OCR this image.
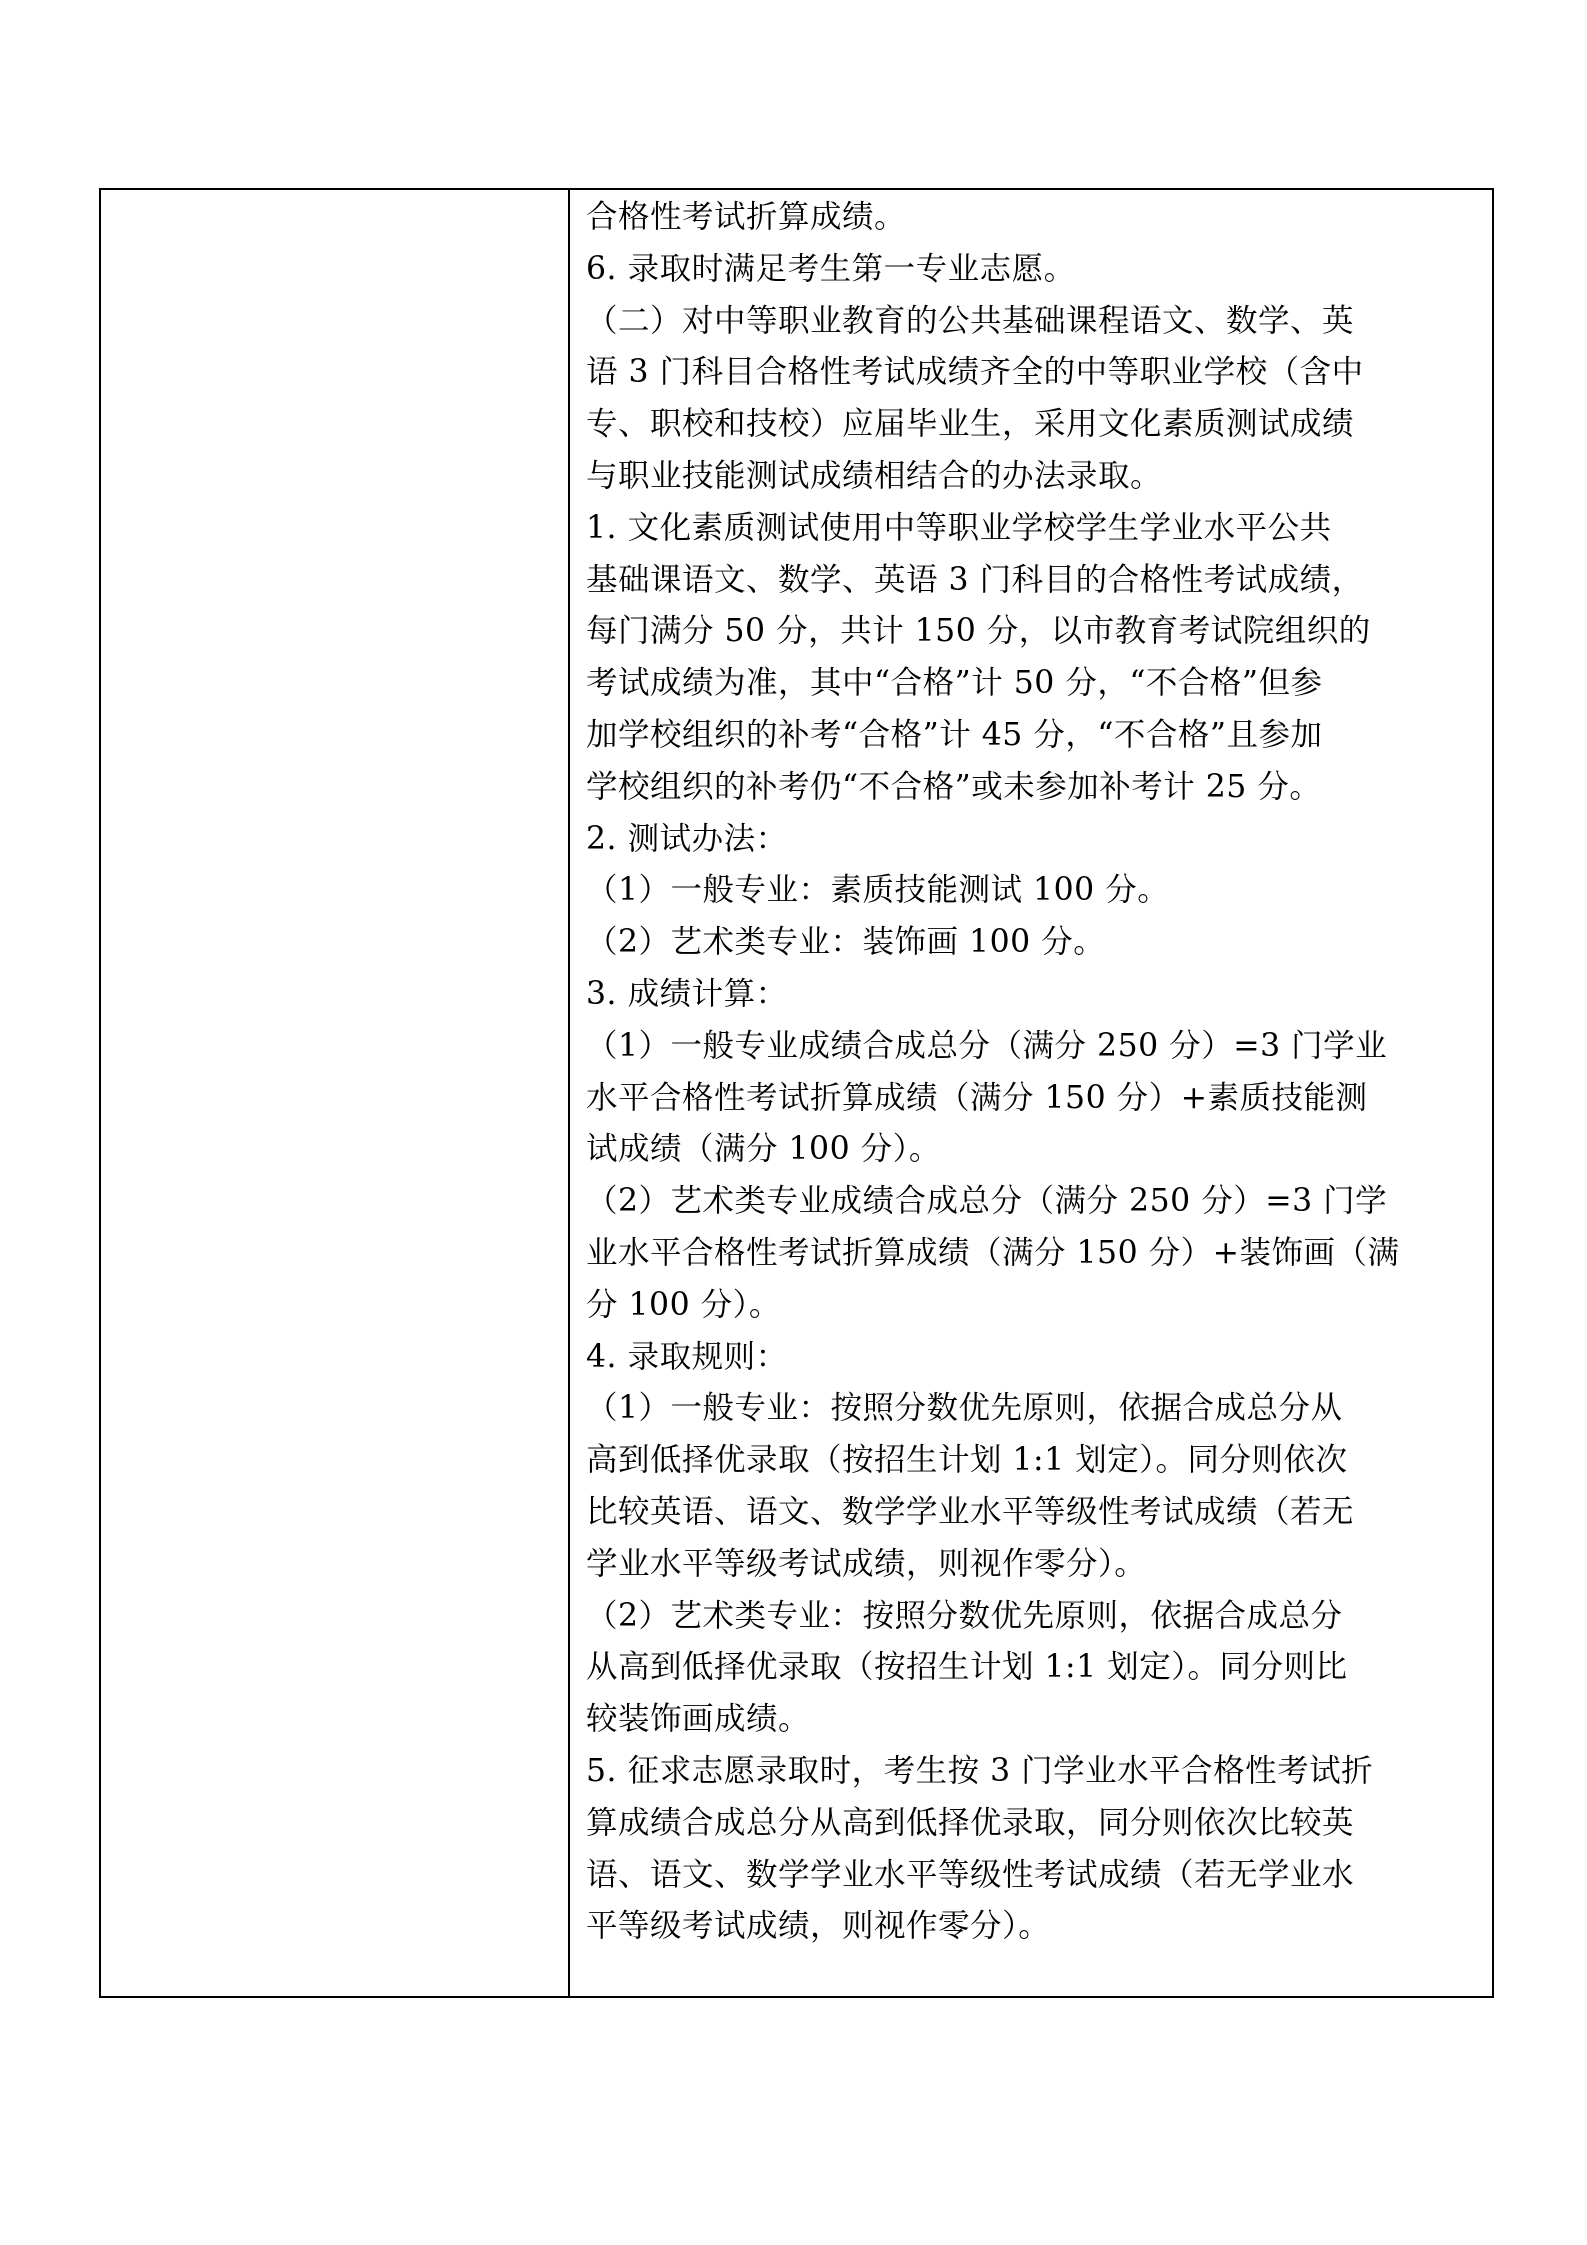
合格性考试折算成绩。

6. 录取时满足考生第一专业志愿。

（二）对中等职业教育的公共基础课程语文、数学、英

语 3 门科目合格性考试成绩齐全的中等职业学校（含中

专、职校和技校）应届毕业生，采用文化素质测试成绩

与职业技能测试成绩相结合的办法录取。

1. 文化素质测试使用中等职业学校学生学业水平公共

基础课语文、数学、英语 3 门科目的合格性考试成绩，

每门满分 50 分，共计 150 分，以市教育考试院组织的

考试成绩为准，其中“合格”计 50 分，“不合格”但参

加学校组织的补考“合格”计 45 分，“不合格”且参加

学校组织的补考仍“不合格”或未参加补考计 25 分。

2. 测试办法：

（1）一般专业：素质技能测试 100 分。

（2）艺术类专业：装饰画 100 分。

3. 成绩计算：

（1）一般专业成绩合成总分（满分 250 分）=3 门学业

水平合格性考试折算成绩（满分 150 分）+素质技能测

试成绩（满分 100 分）。

（2）艺术类专业成绩合成总分（满分 250 分）=3 门学

业水平合格性考试折算成绩（满分 150 分）+装饰画（满

分 100 分）。

4. 录取规则：

（1）一般专业：按照分数优先原则，依据合成总分从

高到低择优录取（按招生计划 1:1 划定）。同分则依次

比较英语、语文、数学学业水平等级性考试成绩（若无

学业水平等级考试成绩，则视作零分）。

（2）艺术类专业：按照分数优先原则，依据合成总分

从高到低择优录取（按招生计划 1:1 划定）。同分则比

较装饰画成绩。

5. 征求志愿录取时，考生按 3 门学业水平合格性考试折

算成绩合成总分从高到低择优录取，同分则依次比较英

语、语文、数学学业水平等级性考试成绩（若无学业水

平等级考试成绩，则视作零分）。
